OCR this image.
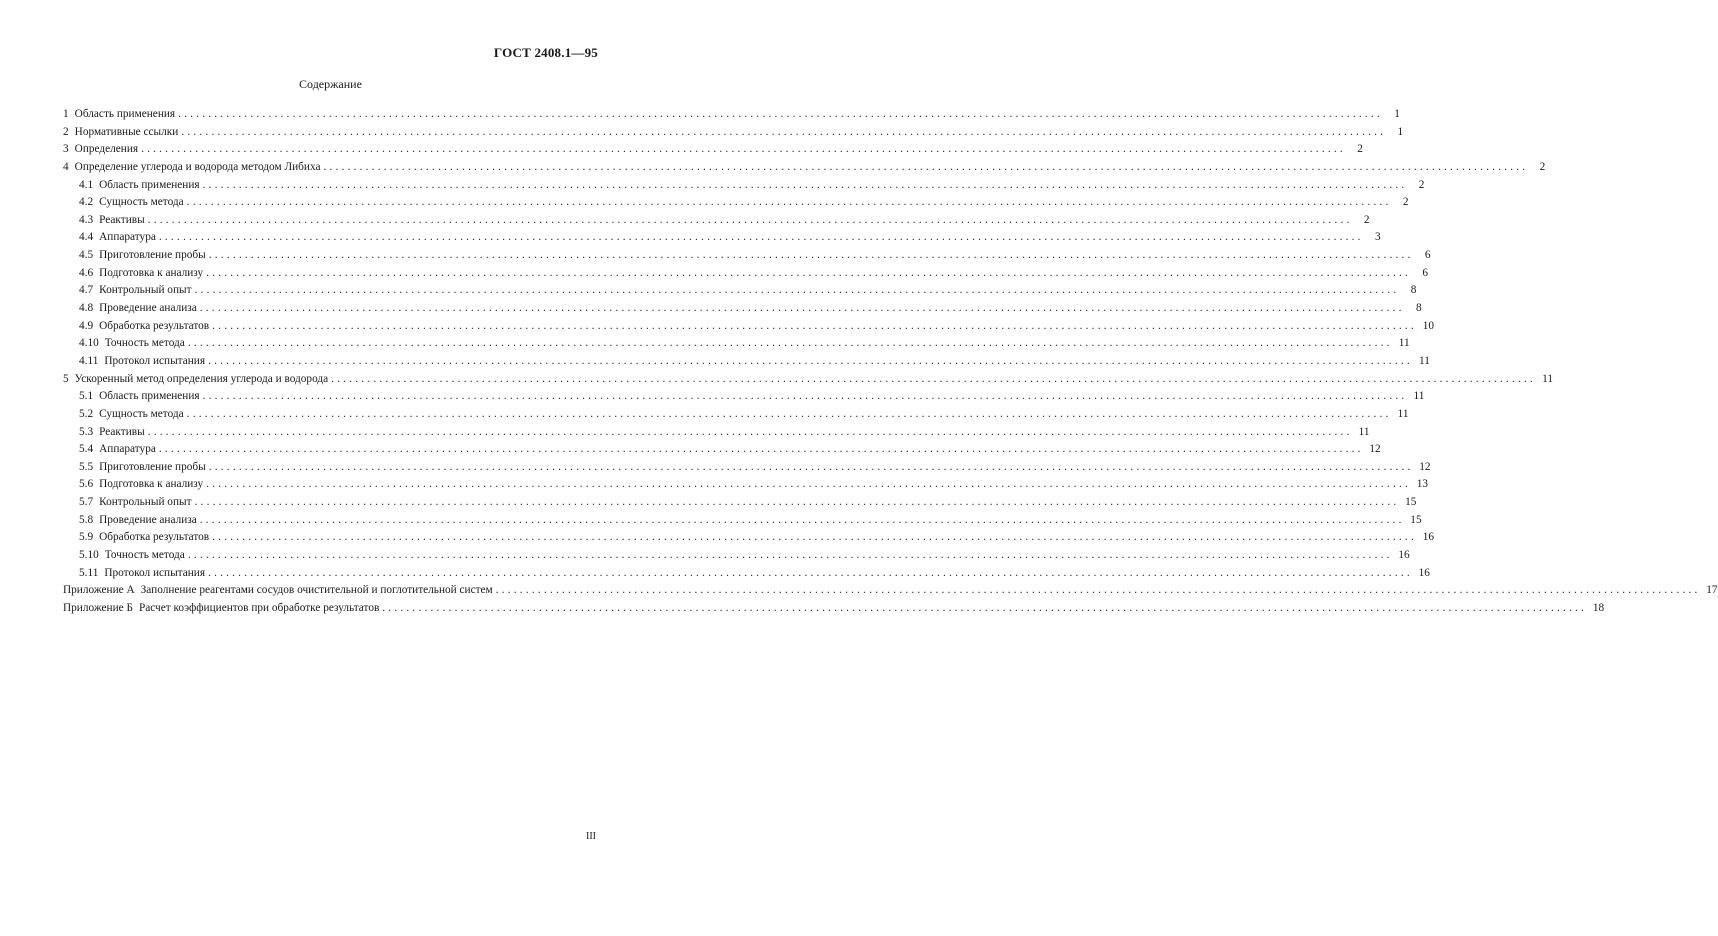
ГОСТ 2408.1—95
Содержание
1 Область применения ........................................................................................................................................................................................................	1
2 Нормативные ссылки ........................................................................................................................................................................................................	1
3 Определения ........................................................................................................................................................................................................	2
4 Определение углерода и водорода методом Либиха ........................................................................................................................................................................................................	2
4.1 Область применения ........................................................................................................................................................................................................	2
4.2 Сущность метода ........................................................................................................................................................................................................	2
4.3 Реактивы ........................................................................................................................................................................................................	2
4.4 Аппаратура ........................................................................................................................................................................................................	3
4.5 Приготовление пробы ........................................................................................................................................................................................................	6
4.6 Подготовка к анализу ........................................................................................................................................................................................................	6
4.7 Контрольный опыт ........................................................................................................................................................................................................	8
4.8 Проведение анализа ........................................................................................................................................................................................................	8
4.9 Обработка результатов ........................................................................................................................................................................................................ 10
4.10 Точность метода ........................................................................................................................................................................................................ 11
4.11 Протокол испытания ........................................................................................................................................................................................................ 11
5 Ускоренный метод определения углерода и водорода ........................................................................................................................................................................................................ 11
5.1 Область применения ........................................................................................................................................................................................................ 11
5.2 Сущность метода ........................................................................................................................................................................................................ 11
5.3 Реактивы ........................................................................................................................................................................................................ 11
5.4 Аппаратура ........................................................................................................................................................................................................ 12
5.5 Приготовление пробы ........................................................................................................................................................................................................ 12
5.6 Подготовка к анализу ........................................................................................................................................................................................................ 13
5.7 Контрольный опыт ........................................................................................................................................................................................................ 15
5.8 Проведение анализа ........................................................................................................................................................................................................ 15
5.9 Обработка результатов ........................................................................................................................................................................................................ 16
5.10 Точность метода ........................................................................................................................................................................................................ 16
5.11 Протокол испытания ........................................................................................................................................................................................................ 16
Приложение А Заполнение реагентами сосудов очистительной и поглотительной систем ........................................................................................................................................................................................................ 17
Приложение Б Расчет коэффициентов при обработке результатов ........................................................................................................................................................................................................ 18
III
